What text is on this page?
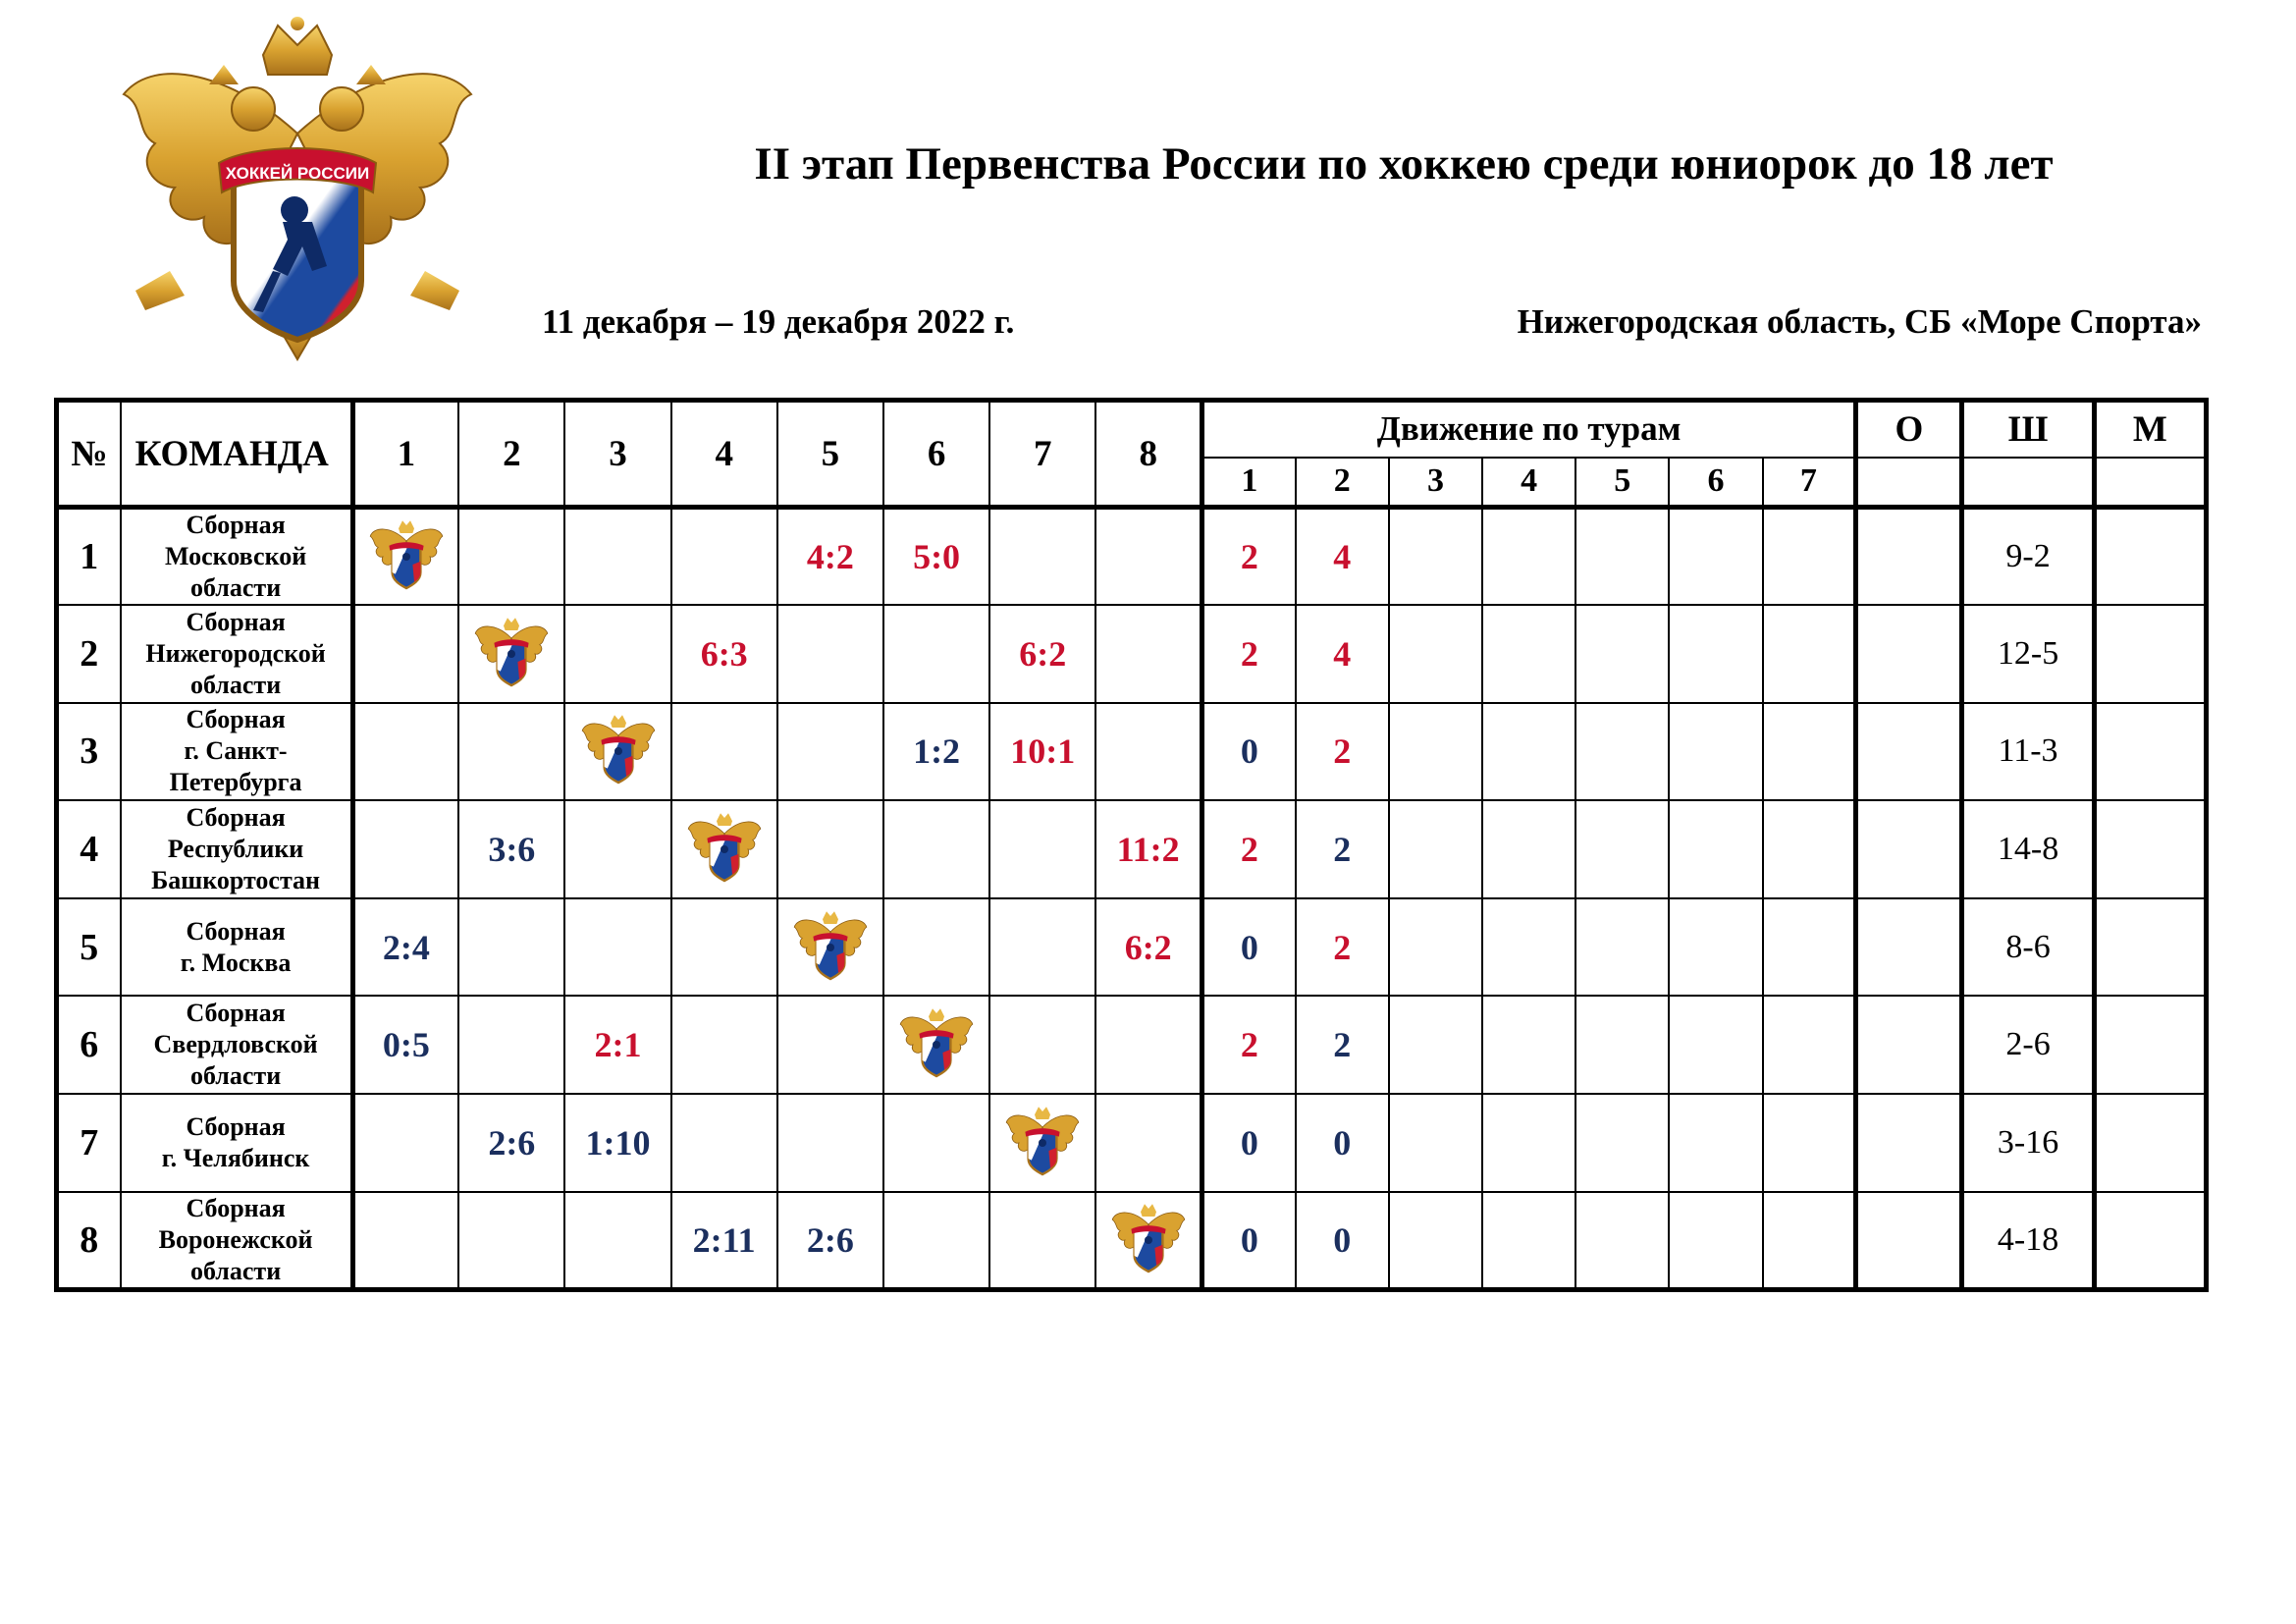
ХОККЕЙ РОССИИ	II этап Первенства России по хоккею среди юниорок до 18 лет
11 декабря – 19 декабря 2022 г.	Нижегородская область, СБ «Море Спорта»
№	КОМАНДА	1	2	3	4	5	6	7	8	Движение по турам							О	Ш	М
										1	2	3	4	5	6	7			
1	Сборная
Московской
области					4:2	5:0			2	4							9-2	
2	Сборная
Нижегородской
области				6:3			6:2		2	4							12-5	
3	Сборная
г. Санкт-
Петербурга						1:2	10:1		0	2							11-3	
4	Сборная
Республики
Башкортостан		3:6						11:2	2	2							14-8	
5	Сборная
г. Москва	2:4							6:2	0	2							8-6	
6	Сборная
Свердловской
области	0:5		2:1						2	2							2-6	
7	Сборная
г. Челябинск		2:6	1:10						0	0							3-16	
8	Сборная
Воронежской
области				2:11	2:6				0	0							4-18	
